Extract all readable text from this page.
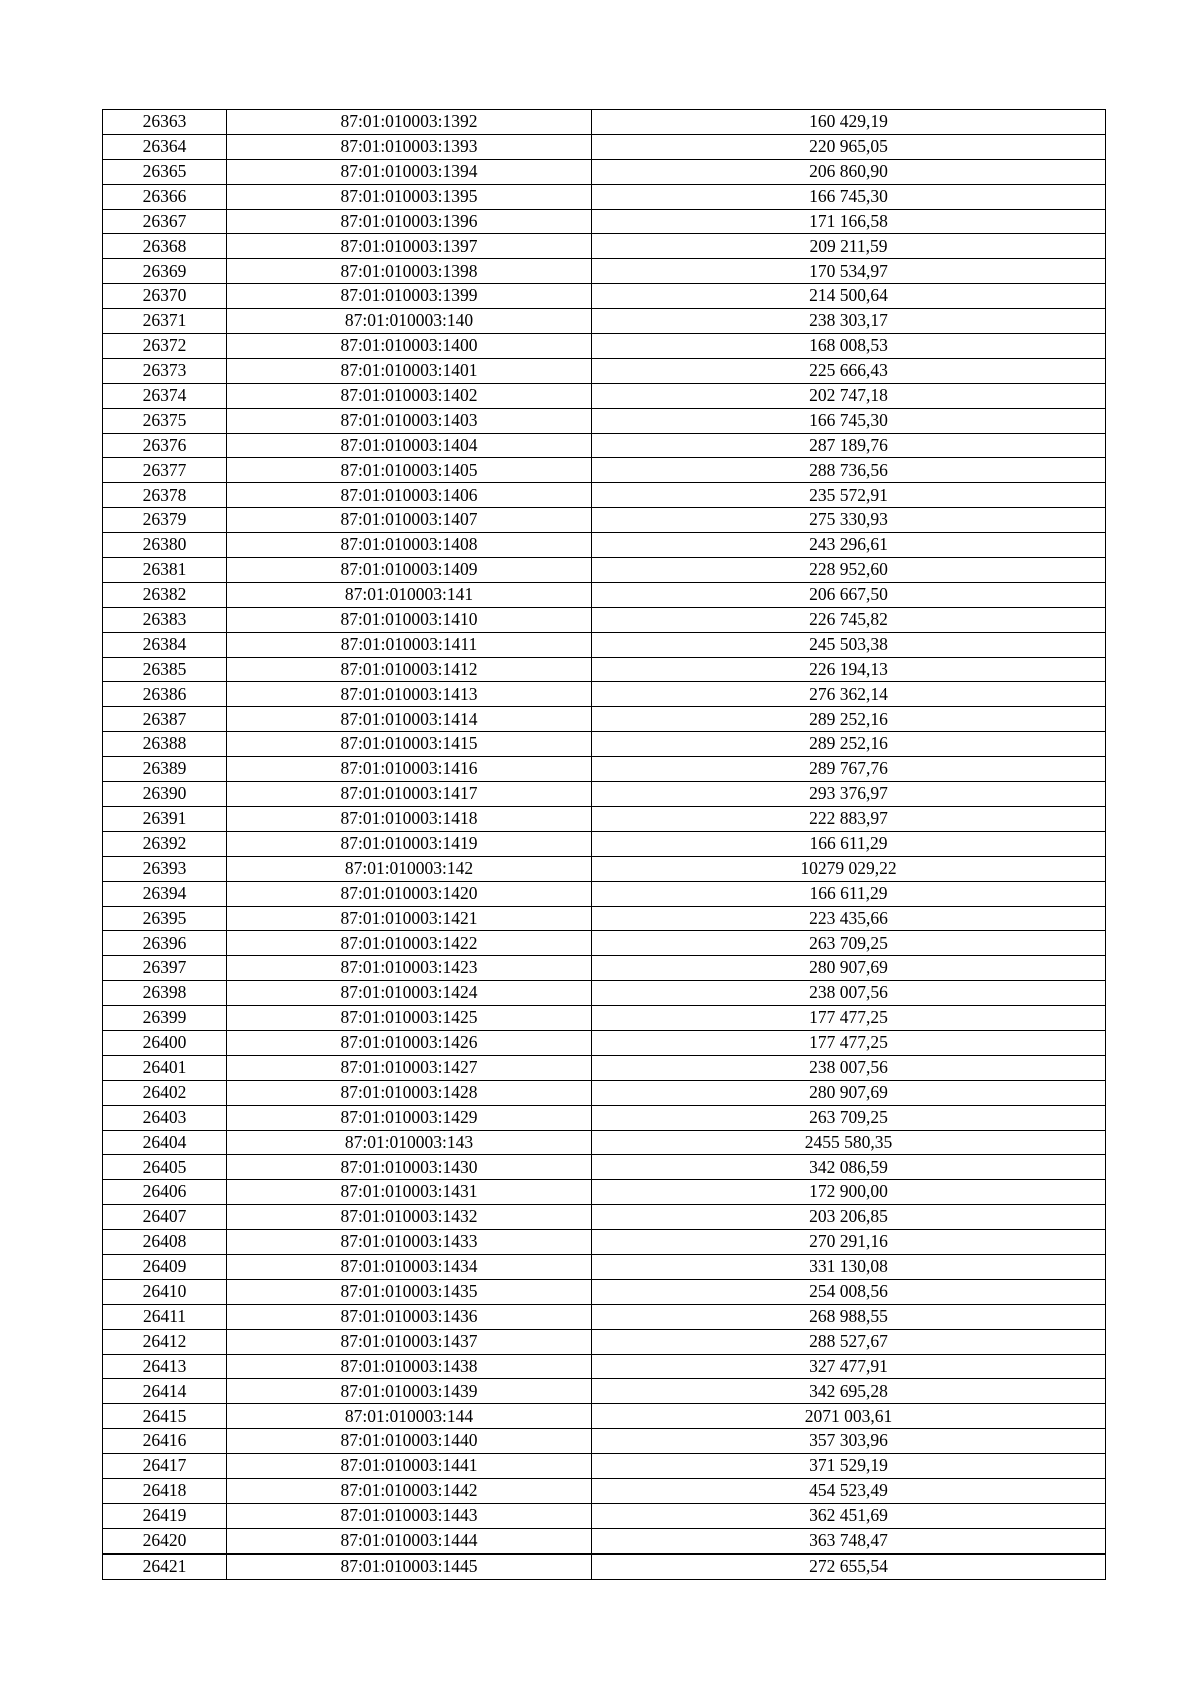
26363	87:01:010003:1392	160 429,19
26364	87:01:010003:1393	220 965,05
26365	87:01:010003:1394	206 860,90
26366	87:01:010003:1395	166 745,30
26367	87:01:010003:1396	171 166,58
26368	87:01:010003:1397	209 211,59
26369	87:01:010003:1398	170 534,97
26370	87:01:010003:1399	214 500,64
26371	87:01:010003:140	238 303,17
26372	87:01:010003:1400	168 008,53
26373	87:01:010003:1401	225 666,43
26374	87:01:010003:1402	202 747,18
26375	87:01:010003:1403	166 745,30
26376	87:01:010003:1404	287 189,76
26377	87:01:010003:1405	288 736,56
26378	87:01:010003:1406	235 572,91
26379	87:01:010003:1407	275 330,93
26380	87:01:010003:1408	243 296,61
26381	87:01:010003:1409	228 952,60
26382	87:01:010003:141	206 667,50
26383	87:01:010003:1410	226 745,82
26384	87:01:010003:1411	245 503,38
26385	87:01:010003:1412	226 194,13
26386	87:01:010003:1413	276 362,14
26387	87:01:010003:1414	289 252,16
26388	87:01:010003:1415	289 252,16
26389	87:01:010003:1416	289 767,76
26390	87:01:010003:1417	293 376,97
26391	87:01:010003:1418	222 883,97
26392	87:01:010003:1419	166 611,29
26393	87:01:010003:142	10279 029,22
26394	87:01:010003:1420	166 611,29
26395	87:01:010003:1421	223 435,66
26396	87:01:010003:1422	263 709,25
26397	87:01:010003:1423	280 907,69
26398	87:01:010003:1424	238 007,56
26399	87:01:010003:1425	177 477,25
26400	87:01:010003:1426	177 477,25
26401	87:01:010003:1427	238 007,56
26402	87:01:010003:1428	280 907,69
26403	87:01:010003:1429	263 709,25
26404	87:01:010003:143	2455 580,35
26405	87:01:010003:1430	342 086,59
26406	87:01:010003:1431	172 900,00
26407	87:01:010003:1432	203 206,85
26408	87:01:010003:1433	270 291,16
26409	87:01:010003:1434	331 130,08
26410	87:01:010003:1435	254 008,56
26411	87:01:010003:1436	268 988,55
26412	87:01:010003:1437	288 527,67
26413	87:01:010003:1438	327 477,91
26414	87:01:010003:1439	342 695,28
26415	87:01:010003:144	2071 003,61
26416	87:01:010003:1440	357 303,96
26417	87:01:010003:1441	371 529,19
26418	87:01:010003:1442	454 523,49
26419	87:01:010003:1443	362 451,69
26420	87:01:010003:1444	363 748,47
26421	87:01:010003:1445	272 655,54
